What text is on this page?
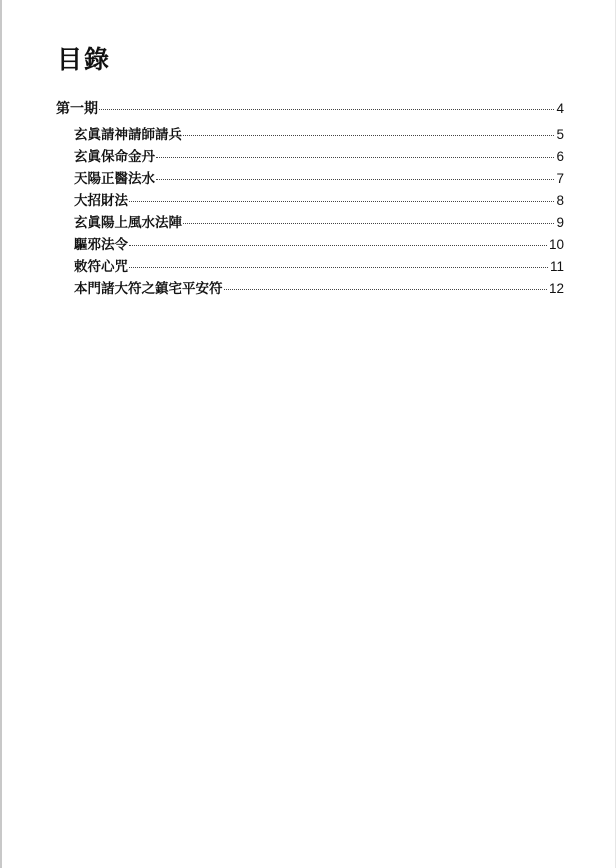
目錄
第一期	4
玄眞請神請師請兵	5
玄眞保命金丹	6
天陽正醫法水	7
大招財法	8
玄眞陽上風水法陣	9
驅邪法令	10
敕符心咒	11
本門諸大符之鎮宅平安符	12
